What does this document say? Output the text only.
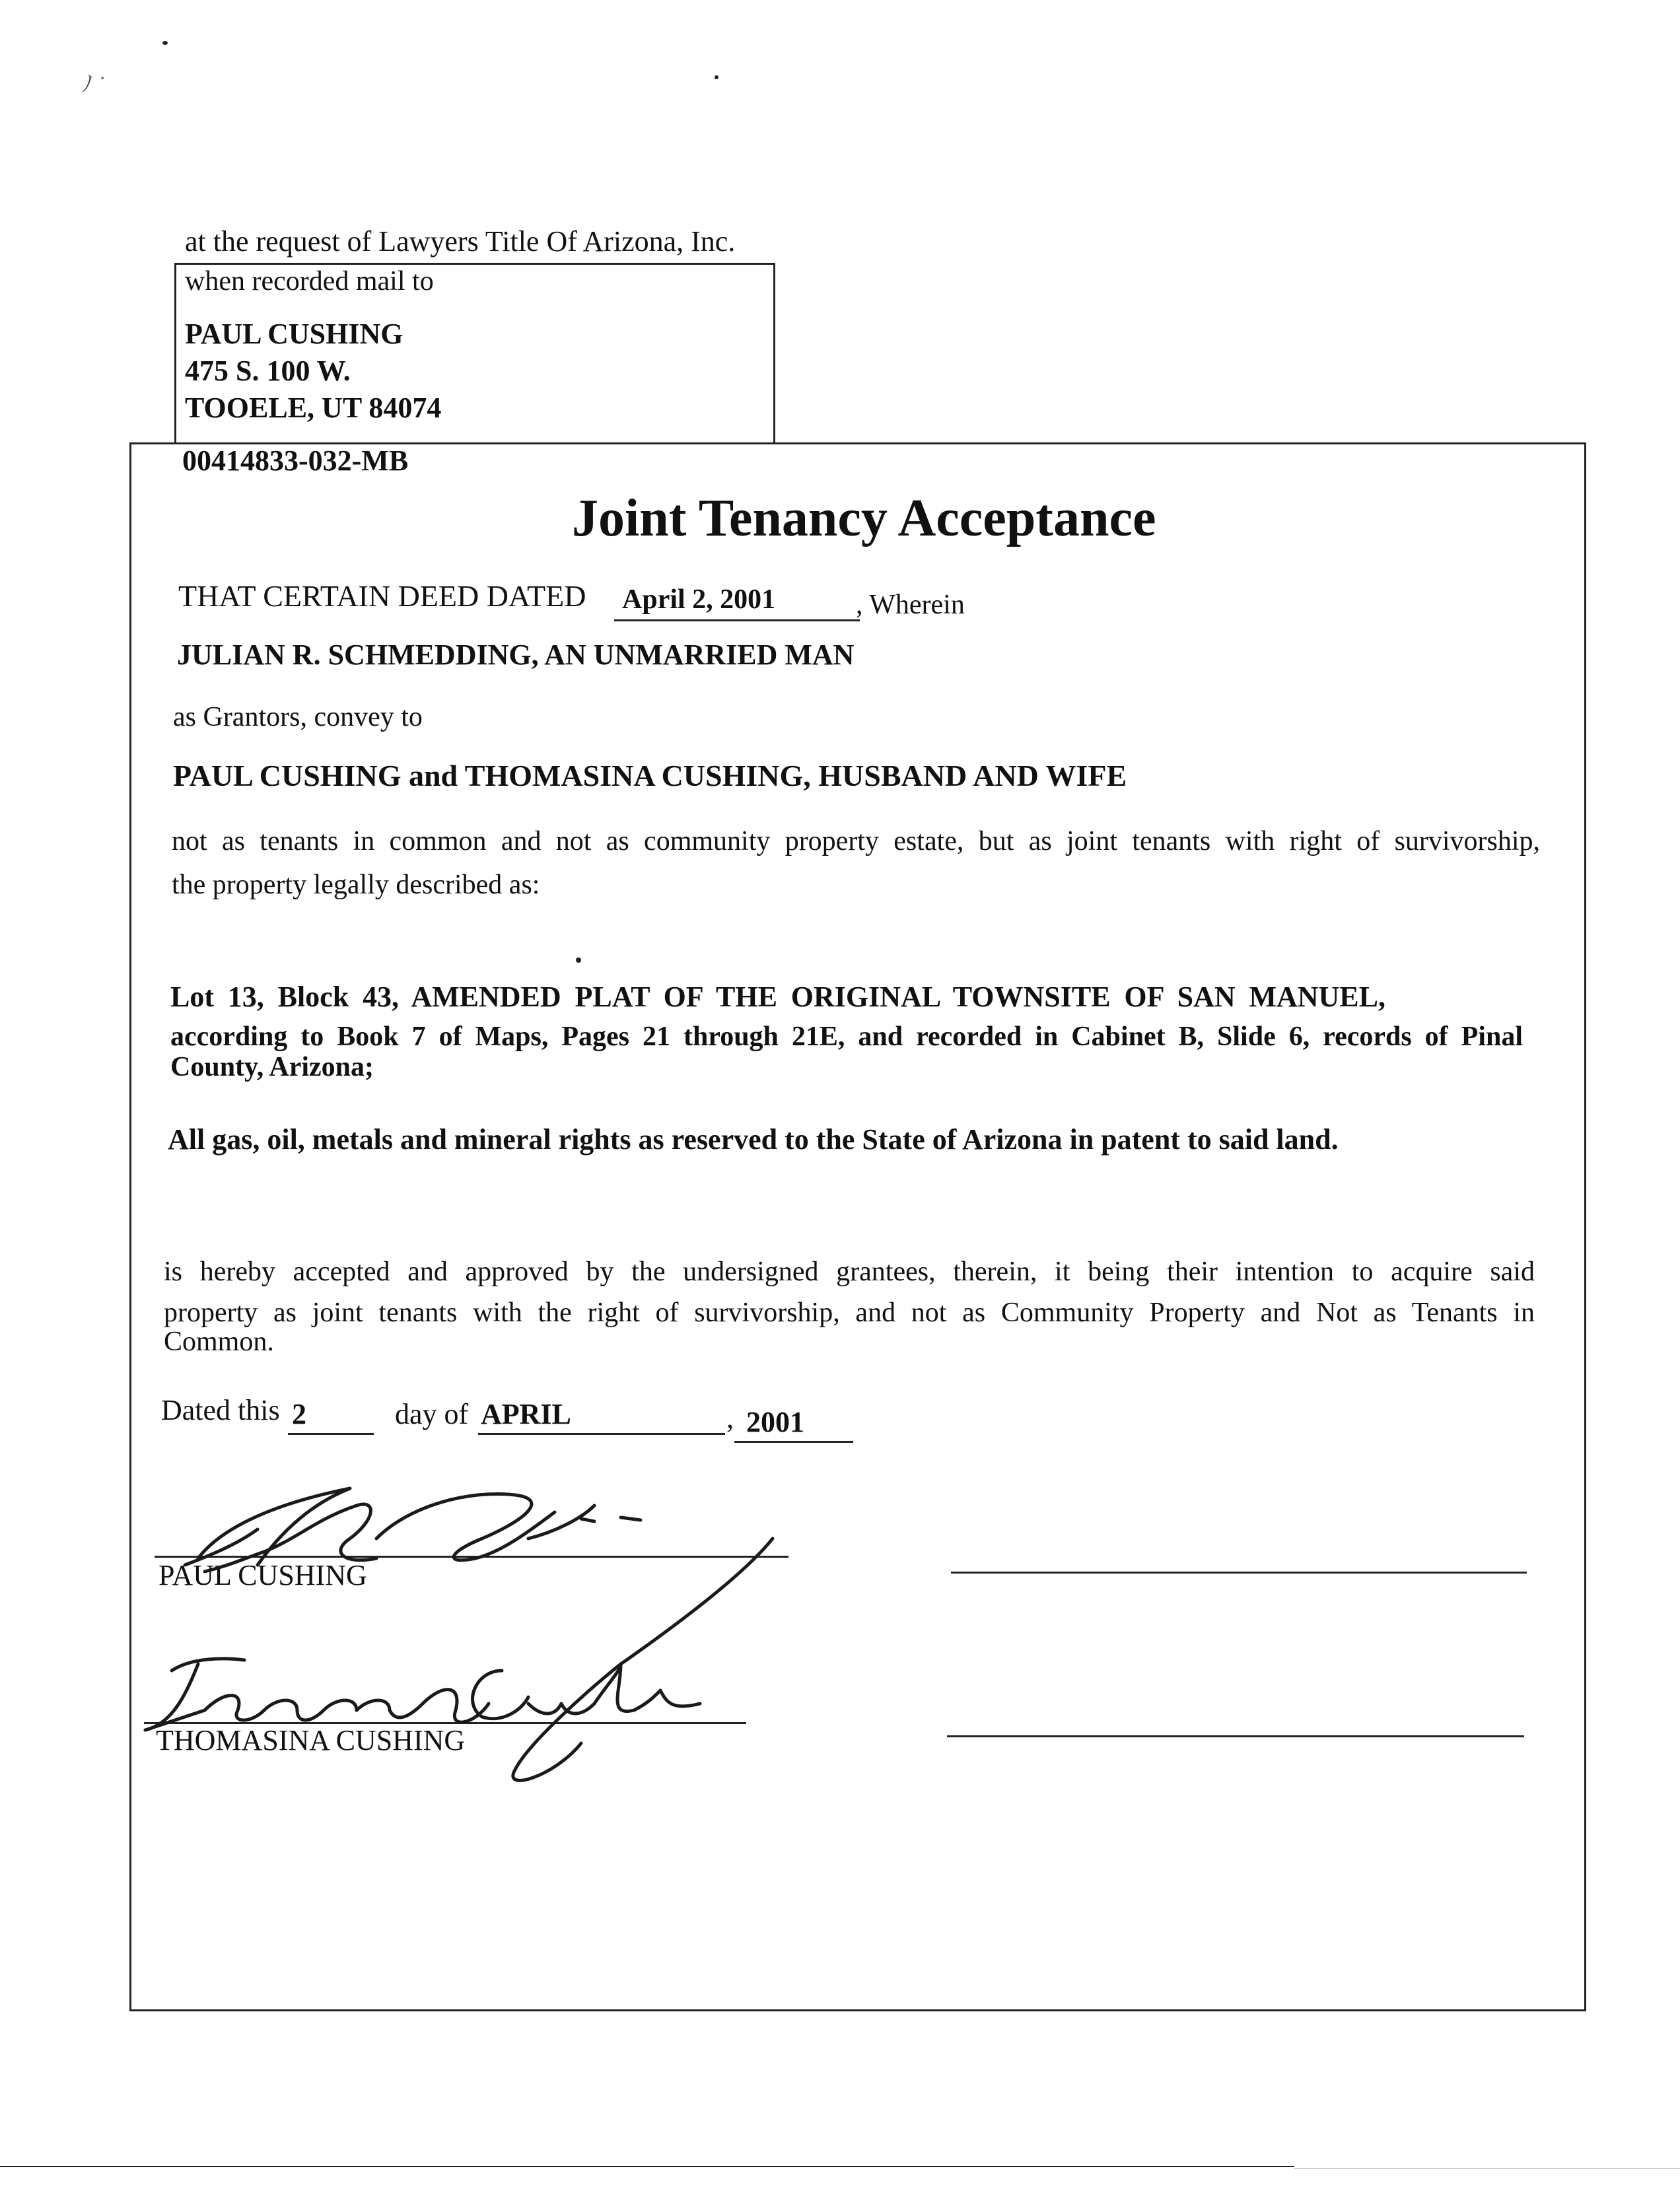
ﾉ ˙
at the request of Lawyers Title Of Arizona, Inc.
when recorded mail to
PAUL CUSHING
475 S. 100 W.
TOOELE, UT 84074
00414833-032-MB
Joint Tenancy Acceptance
THAT CERTAIN DEED DATED April 2, 2001	, Wherein
JULIAN R. SCHMEDDING, AN UNMARRIED MAN
as Grantors, convey to
PAUL CUSHING and THOMASINA CUSHING, HUSBAND AND WIFE
not as tenants in common and not as community property estate, but as joint tenants with right of survivorship,
the property legally described as:
Lot 13, Block 43, AMENDED PLAT OF THE ORIGINAL TOWNSITE OF SAN MANUEL,
according to Book 7 of Maps, Pages 21 through 21E, and recorded in Cabinet B, Slide 6, records of Pinal
County, Arizona;
All gas, oil, metals and mineral rights as reserved to the State of Arizona in patent to said land.
is hereby accepted and approved by the undersigned grantees, therein, it being their intention to acquire said
property as joint tenants with the right of survivorship, and not as Community Property and Not as Tenants in
Common.
Dated this 2	day of APRIL	, 2001
PAUL CUSHING
THOMASINA CUSHING
